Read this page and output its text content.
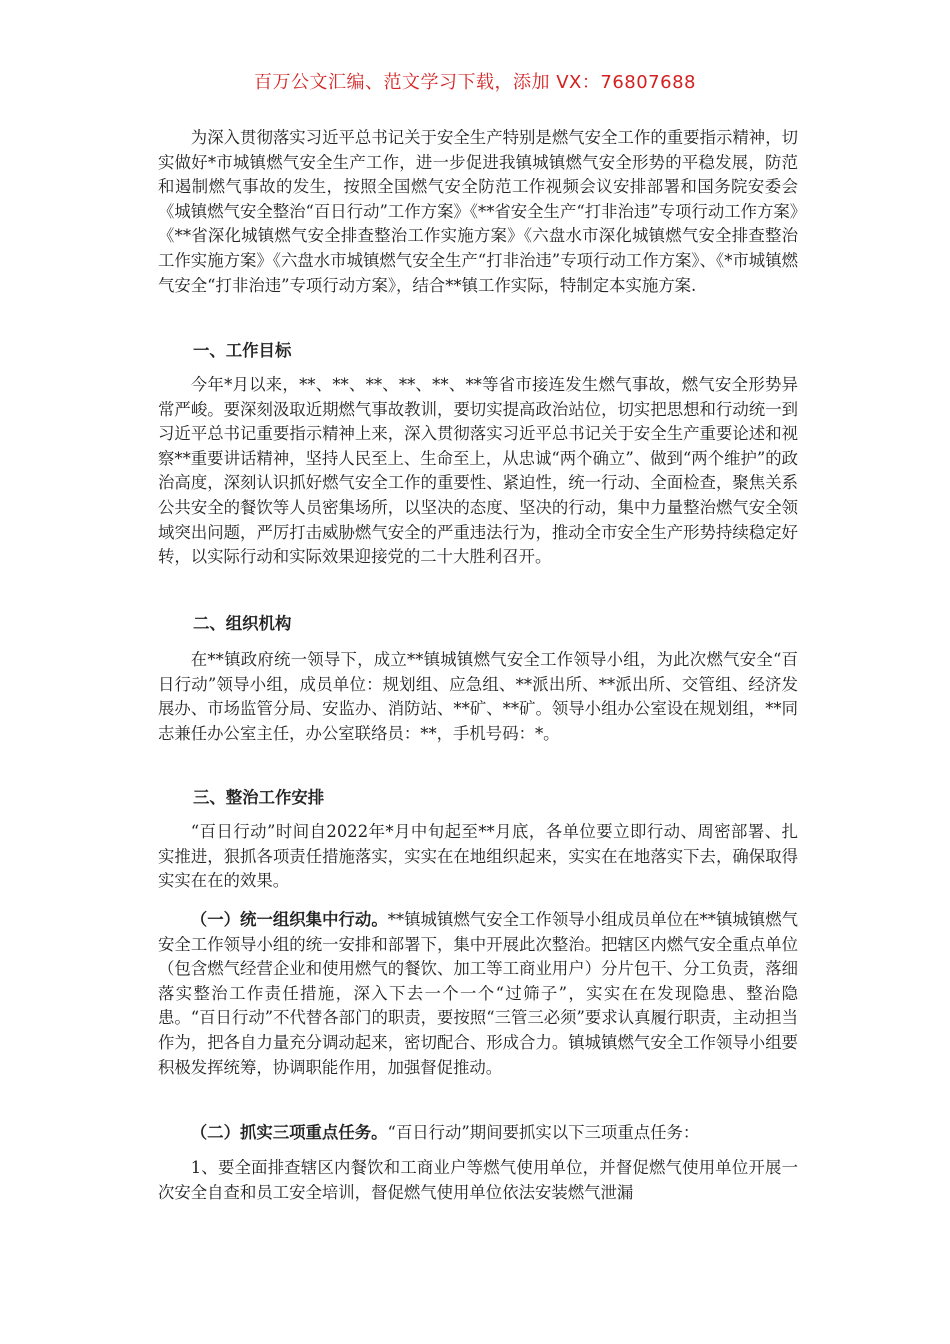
百万公文汇编、范文学习下载，添加 VX：76807688

为深入贯彻落实习近平总书记关于安全生产特别是燃气安全工作的重要指示精神，切实做好*市城镇燃气安全生产工作，进一步促进我镇城镇燃气安全形势的平稳发展，防范和遏制燃气事故的发生，按照全国燃气安全防范工作视频会议安排部署和国务院安委会《城镇燃气安全整治“百日行动”工作方案》《**省安全生产“打非治违”专项行动工作方案》《**省深化城镇燃气安全排查整治工作实施方案》《六盘水市深化城镇燃气安全排查整治工作实施方案》《六盘水市城镇燃气安全生产“打非治违”专项行动工作方案》、《*市城镇燃气安全“打非治违”专项行动方案》，结合**镇工作实际，特制定本实施方案.

一、工作目标

今年*月以来，**、**、**、**、**、**等省市接连发生燃气事故，燃气安全形势异常严峻。要深刻汲取近期燃气事故教训，要切实提高政治站位，切实把思想和行动统一到习近平总书记重要指示精神上来，深入贯彻落实习近平总书记关于安全生产重要论述和视察**重要讲话精神，坚持人民至上、生命至上，从忠诚“两个确立”、做到“两个维护”的政治高度，深刻认识抓好燃气安全工作的重要性、紧迫性，统一行动、全面检查，聚焦关系公共安全的餐饮等人员密集场所，以坚决的态度、坚决的行动，集中力量整治燃气安全领域突出问题，严厉打击威胁燃气安全的严重违法行为，推动全市安全生产形势持续稳定好转，以实际行动和实际效果迎接党的二十大胜利召开。

二、组织机构

在**镇政府统一领导下，成立**镇城镇燃气安全工作领导小组，为此次燃气安全“百日行动”领导小组，成员单位：规划组、应急组、**派出所、**派出所、交管组、经济发展办、市场监管分局、安监办、消防站、**矿、**矿。领导小组办公室设在规划组，**同志兼任办公室主任，办公室联络员：**，手机号码：*。

三、整治工作安排

“百日行动”时间自2022年*月中旬起至**月底，各单位要立即行动、周密部署、扎实推进，狠抓各项责任措施落实，实实在在地组织起来，实实在在地落实下去，确保取得实实在在的效果。

（一）统一组织集中行动。**镇城镇燃气安全工作领导小组成员单位在**镇城镇燃气安全工作领导小组的统一安排和部署下，集中开展此次整治。把辖区内燃气安全重点单位（包含燃气经营企业和使用燃气的餐饮、加工等工商业用户）分片包干、分工负责，落细落实整治工作责任措施，深入下去一个一个“过筛子”，实实在在发现隐患、整治隐患。“百日行动”不代替各部门的职责，要按照“三管三必须”要求认真履行职责，主动担当作为，把各自力量充分调动起来，密切配合、形成合力。镇城镇燃气安全工作领导小组要积极发挥统筹，协调职能作用，加强督促推动。

（二）抓实三项重点任务。“百日行动”期间要抓实以下三项重点任务：

1、要全面排查辖区内餐饮和工商业户等燃气使用单位，并督促燃气使用单位开展一次安全自查和员工安全培训，督促燃气使用单位依法安装燃气泄漏
